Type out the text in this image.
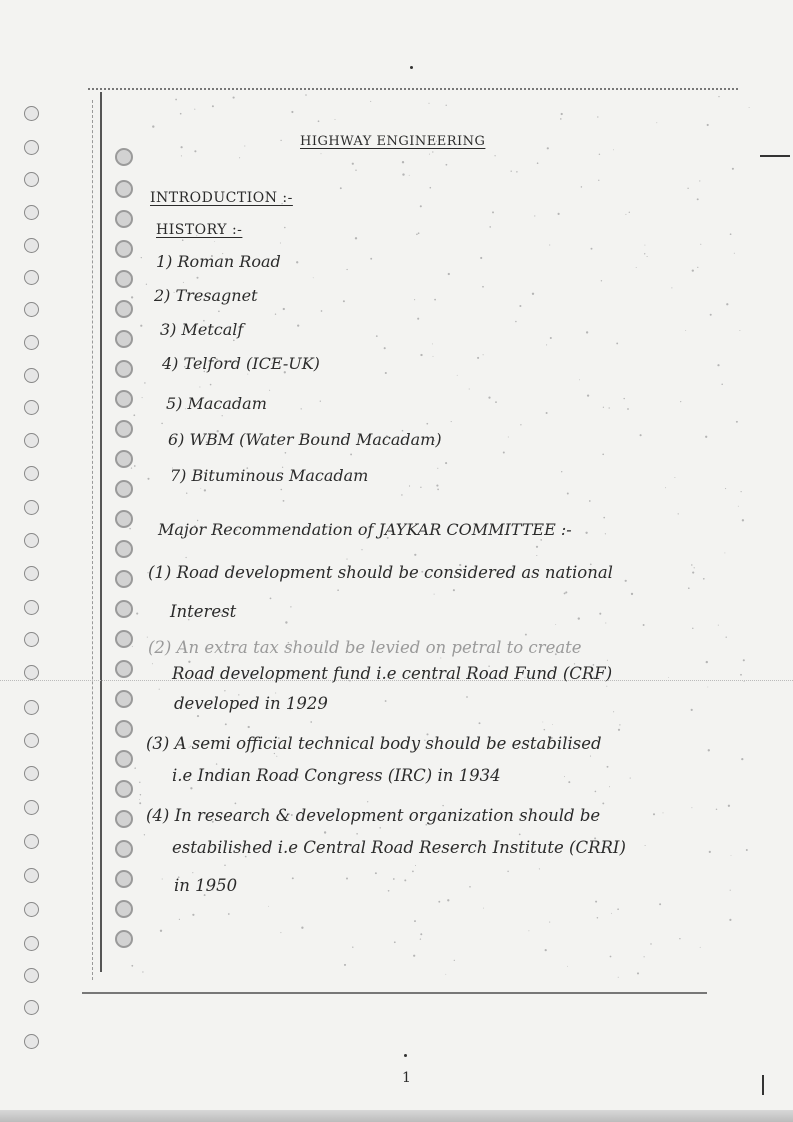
HIGHWAY ENGINEERING
INTRODUCTION :-
HISTORY :-
1) Roman Road
2) Tresagnet
3) Metcalf
4) Telford (ICE-UK)
5) Macadam
6) WBM (Water Bound Macadam)
7) Bituminous Macadam
Major Recommendation of JAYKAR COMMITTEE :-
(1) Road development should be considered as national
Interest
(2) An extra tax should be levied on petral to create
Road development fund i.e central Road Fund (CRF)
developed in 1929
(3) A semi official technical body should be estabilised
i.e Indian Road Congress (IRC) in 1934
(4) In research & development organization should be
estabilished i.e Central Road Reserch Institute (CRRI)
in 1950
1
